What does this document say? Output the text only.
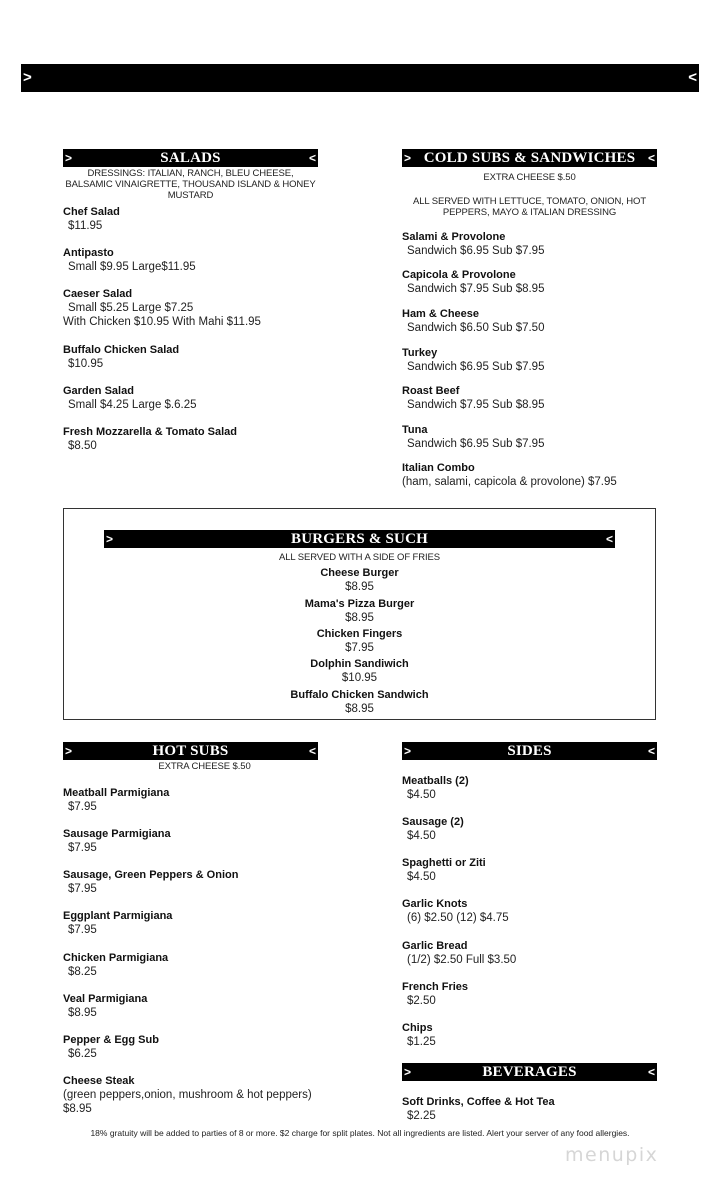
>	<
>	SALADS	<
DRESSINGS: ITALIAN, RANCH, BLEU CHEESE, BALSAMIC VINAIGRETTE, THOUSAND ISLAND & HONEY MUSTARD
Chef Salad
$11.95
Antipasto
Small $9.95 Large$11.95
Caeser Salad
Small $5.25 Large $7.25
With Chicken $10.95 With Mahi $11.95
Buffalo Chicken Salad
$10.95
Garden Salad
Small $4.25 Large $.6.25
Fresh Mozzarella & Tomato Salad
$8.50
> COLD SUBS & SANDWICHES <
EXTRA CHEESE $.50
ALL SERVED WITH LETTUCE, TOMATO, ONION, HOT PEPPERS, MAYO & ITALIAN DRESSING
Salami & Provolone
Sandwich $6.95 Sub $7.95
Capicola & Provolone
Sandwich $7.95 Sub $8.95
Ham & Cheese
Sandwich $6.50 Sub $7.50
Turkey
Sandwich $6.95 Sub $7.95
Roast Beef
Sandwich $7.95 Sub $8.95
Tuna
Sandwich $6.95 Sub $7.95
Italian Combo
(ham, salami, capicola & provolone) $7.95
>	BURGERS & SUCH	<
ALL SERVED WITH A SIDE OF FRIES
Cheese Burger
$8.95
Mama's Pizza Burger
$8.95
Chicken Fingers
$7.95
Dolphin Sandiwich
$10.95
Buffalo Chicken Sandwich
$8.95
>	HOT SUBS	<
EXTRA CHEESE $.50
Meatball Parmigiana
$7.95
Sausage Parmigiana
$7.95
Sausage, Green Peppers & Onion
$7.95
Eggplant Parmigiana
$7.95
Chicken Parmigiana
$8.25
Veal Parmigiana
$8.95
Pepper & Egg Sub
$6.25
Cheese Steak
(green peppers,onion, mushroom & hot peppers)
$8.95
>	SIDES	<
Meatballs (2)
$4.50
Sausage (2)
$4.50
Spaghetti or Ziti
$4.50
Garlic Knots
(6) $2.50 (12) $4.75
Garlic Bread
(1/2) $2.50 Full $3.50
French Fries
$2.50
Chips
$1.25
>	BEVERAGES	<
Soft Drinks, Coffee & Hot Tea
$2.25
18% gratuity will be added to parties of 8 or more. $2 charge for split plates. Not all ingredients are listed. Alert your server of any food allergies.
menupix
